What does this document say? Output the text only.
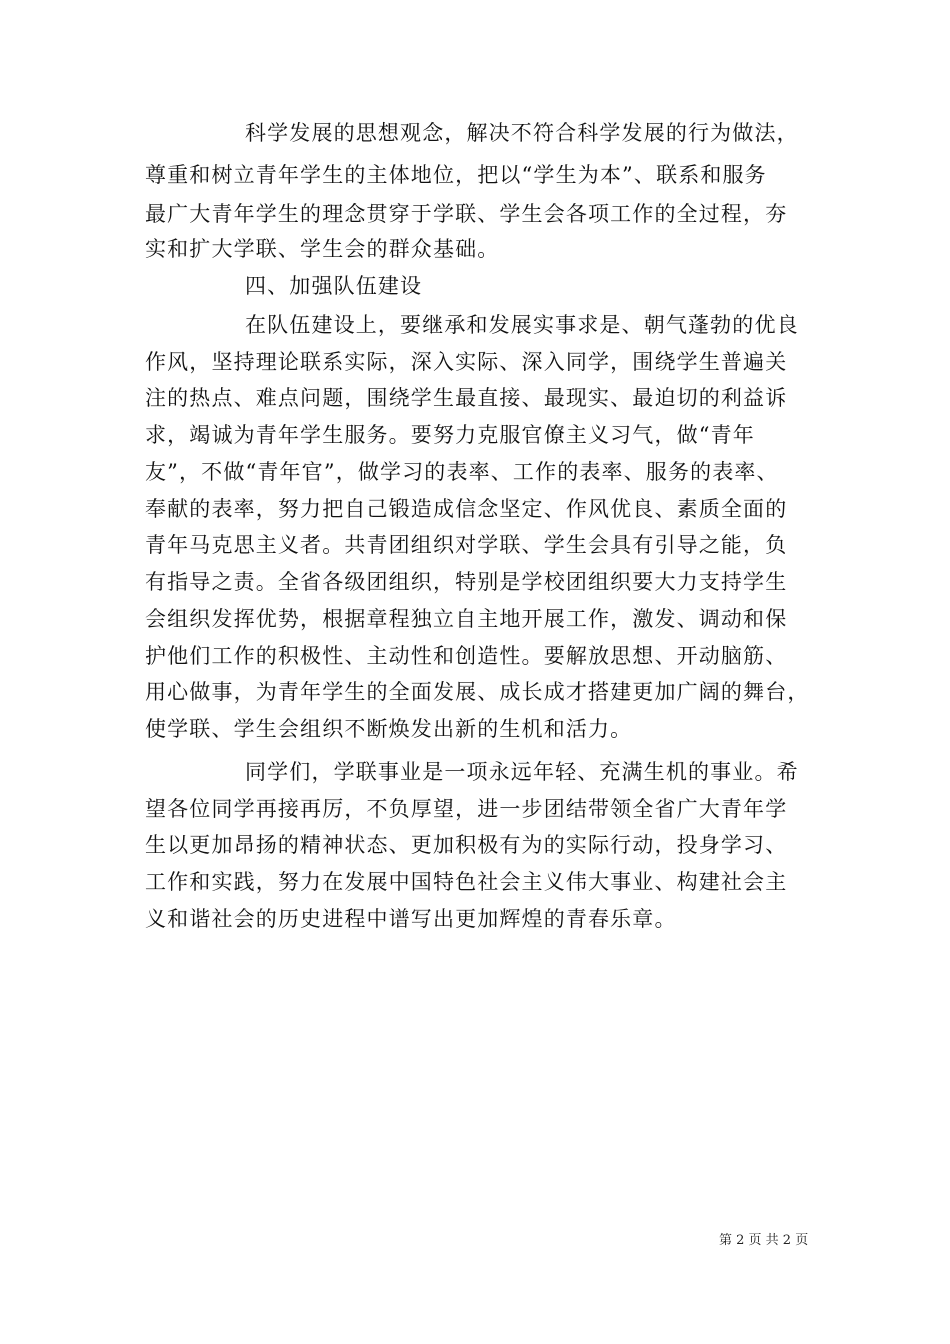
科学发展的思想观念，解决不符合科学发展的行为做法，

尊重和树立青年学生的主体地位，把以“学生为本”、联系和服务

最广大青年学生的理念贯穿于学联、学生会各项工作的全过程，夯

实和扩大学联、学生会的群众基础。

四、加强队伍建设

在队伍建设上，要继承和发展实事求是、朝气蓬勃的优良

作风，坚持理论联系实际，深入实际、深入同学，围绕学生普遍关

注的热点、难点问题，围绕学生最直接、最现实、最迫切的利益诉

求，竭诚为青年学生服务。要努力克服官僚主义习气，做“青年

友”，不做“青年官”，做学习的表率、工作的表率、服务的表率、

奉献的表率，努力把自己锻造成信念坚定、作风优良、素质全面的

青年马克思主义者。共青团组织对学联、学生会具有引导之能，负

有指导之责。全省各级团组织，特别是学校团组织要大力支持学生

会组织发挥优势，根据章程独立自主地开展工作，激发、调动和保

护他们工作的积极性、主动性和创造性。要解放思想、开动脑筋、

用心做事，为青年学生的全面发展、成长成才搭建更加广阔的舞台，

使学联、学生会组织不断焕发出新的生机和活力。

同学们，学联事业是一项永远年轻、充满生机的事业。希

望各位同学再接再厉，不负厚望，进一步团结带领全省广大青年学

生以更加昂扬的精神状态、更加积极有为的实际行动，投身学习、

工作和实践，努力在发展中国特色社会主义伟大事业、构建社会主

义和谐社会的历史进程中谱写出更加辉煌的青春乐章。

第 2 页 共 2 页
